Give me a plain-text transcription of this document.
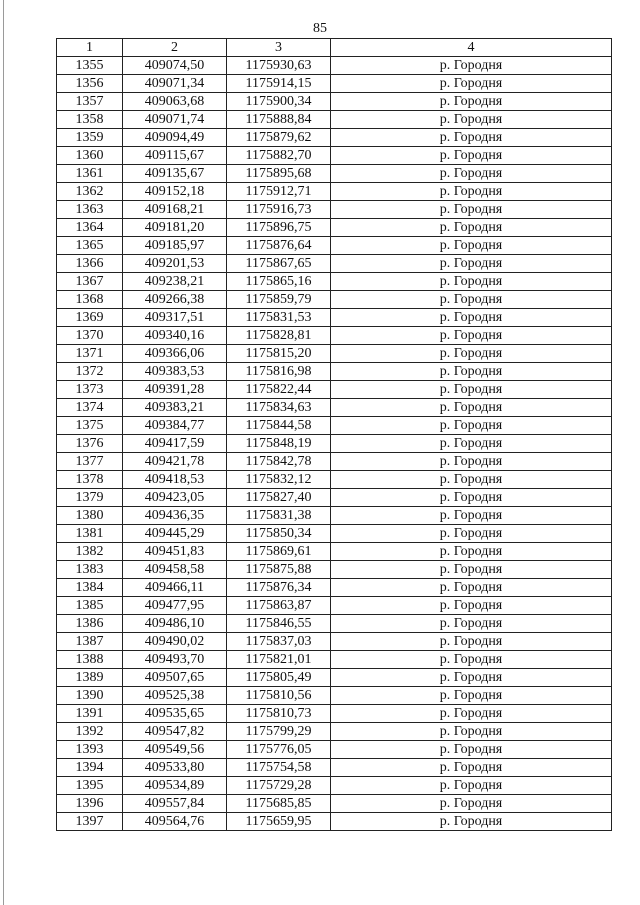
85
1	2	3	4
1355	409074,50	1175930,63	р. Городня
1356	409071,34	1175914,15	р. Городня
1357	409063,68	1175900,34	р. Городня
1358	409071,74	1175888,84	р. Городня
1359	409094,49	1175879,62	р. Городня
1360	409115,67	1175882,70	р. Городня
1361	409135,67	1175895,68	р. Городня
1362	409152,18	1175912,71	р. Городня
1363	409168,21	1175916,73	р. Городня
1364	409181,20	1175896,75	р. Городня
1365	409185,97	1175876,64	р. Городня
1366	409201,53	1175867,65	р. Городня
1367	409238,21	1175865,16	р. Городня
1368	409266,38	1175859,79	р. Городня
1369	409317,51	1175831,53	р. Городня
1370	409340,16	1175828,81	р. Городня
1371	409366,06	1175815,20	р. Городня
1372	409383,53	1175816,98	р. Городня
1373	409391,28	1175822,44	р. Городня
1374	409383,21	1175834,63	р. Городня
1375	409384,77	1175844,58	р. Городня
1376	409417,59	1175848,19	р. Городня
1377	409421,78	1175842,78	р. Городня
1378	409418,53	1175832,12	р. Городня
1379	409423,05	1175827,40	р. Городня
1380	409436,35	1175831,38	р. Городня
1381	409445,29	1175850,34	р. Городня
1382	409451,83	1175869,61	р. Городня
1383	409458,58	1175875,88	р. Городня
1384	409466,11	1175876,34	р. Городня
1385	409477,95	1175863,87	р. Городня
1386	409486,10	1175846,55	р. Городня
1387	409490,02	1175837,03	р. Городня
1388	409493,70	1175821,01	р. Городня
1389	409507,65	1175805,49	р. Городня
1390	409525,38	1175810,56	р. Городня
1391	409535,65	1175810,73	р. Городня
1392	409547,82	1175799,29	р. Городня
1393	409549,56	1175776,05	р. Городня
1394	409533,80	1175754,58	р. Городня
1395	409534,89	1175729,28	р. Городня
1396	409557,84	1175685,85	р. Городня
1397	409564,76	1175659,95	р. Городня
